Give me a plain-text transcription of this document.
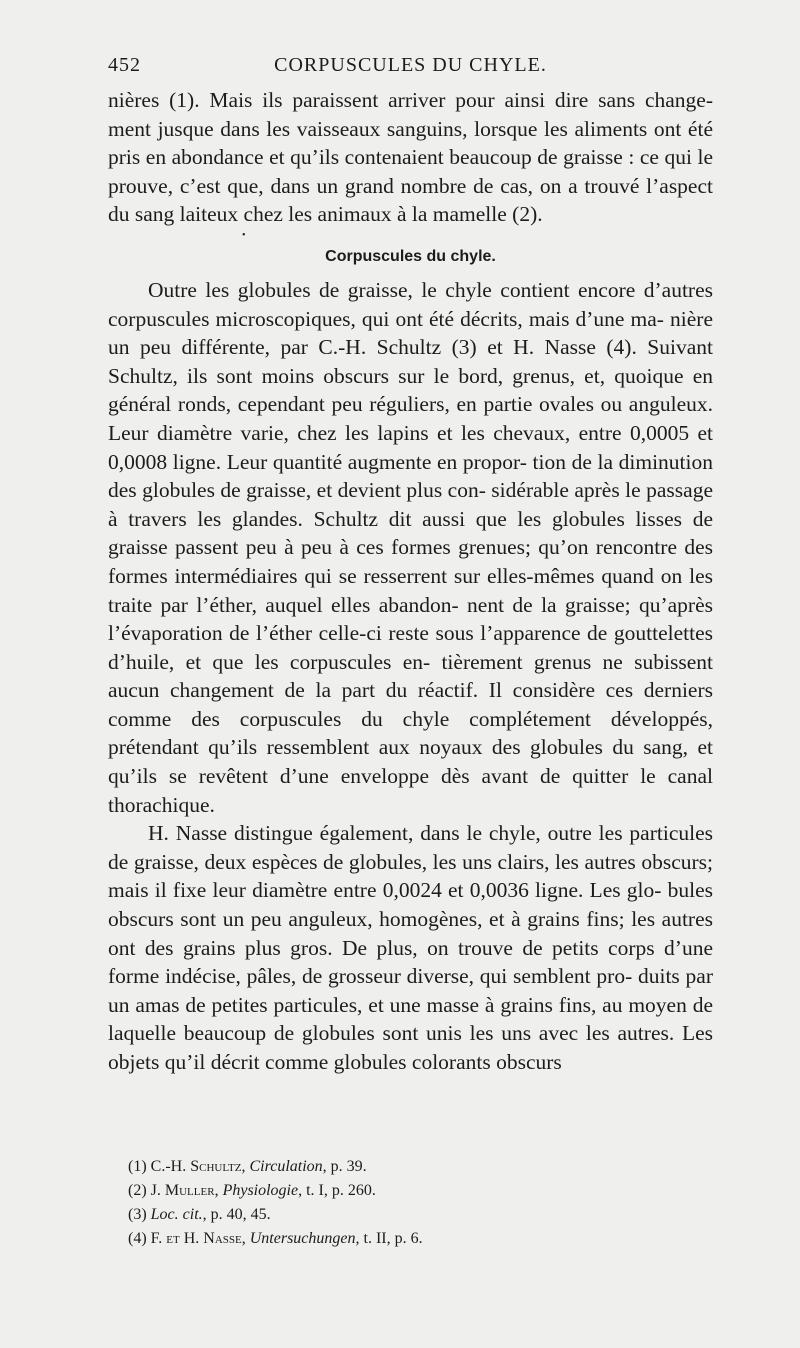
452	CORPUSCULES DU CHYLE.

nières (1). Mais ils paraissent arriver pour ainsi dire sans change- ment jusque dans les vaisseaux sanguins, lorsque les aliments ont été pris en abondance et qu’ils contenaient beaucoup de graisse : ce qui le prouve, c’est que, dans un grand nombre de cas, on a trouvé l’aspect du sang laiteux chez les animaux à la mamelle (2).

•
Corpuscules du chyle.

Outre les globules de graisse, le chyle contient encore d’autres corpuscules microscopiques, qui ont été décrits, mais d’une ma- nière un peu différente, par C.-H. Schultz (3) et H. Nasse (4). Suivant Schultz, ils sont moins obscurs sur le bord, grenus, et, quoique en général ronds, cependant peu réguliers, en partie ovales ou anguleux. Leur diamètre varie, chez les lapins et les chevaux, entre 0,0005 et 0,0008 ligne. Leur quantité augmente en propor- tion de la diminution des globules de graisse, et devient plus con- sidérable après le passage à travers les glandes. Schultz dit aussi que les globules lisses de graisse passent peu à peu à ces formes grenues; qu’on rencontre des formes intermédiaires qui se resserrent sur elles-mêmes quand on les traite par l’éther, auquel elles abandon- nent de la graisse; qu’après l’évaporation de l’éther celle-ci reste sous l’apparence de gouttelettes d’huile, et que les corpuscules en- tièrement grenus ne subissent aucun changement de la part du réactif. Il considère ces derniers comme des corpuscules du chyle complétement développés, prétendant qu’ils ressemblent aux noyaux des globules du sang, et qu’ils se revêtent d’une enveloppe dès avant de quitter le canal thorachique.

H. Nasse distingue également, dans le chyle, outre les particules de graisse, deux espèces de globules, les uns clairs, les autres obscurs; mais il fixe leur diamètre entre 0,0024 et 0,0036 ligne. Les glo- bules obscurs sont un peu anguleux, homogènes, et à grains fins; les autres ont des grains plus gros. De plus, on trouve de petits corps d’une forme indécise, pâles, de grosseur diverse, qui semblent pro- duits par un amas de petites particules, et une masse à grains fins, au moyen de laquelle beaucoup de globules sont unis les uns avec les autres. Les objets qu’il décrit comme globules colorants obscurs

(1) C.-H. Schultz, Circulation, p. 39.
(2) J. Muller, Physiologie, t. I, p. 260.
(3) Loc. cit., p. 40, 45.
(4) F. et H. Nasse, Untersuchungen, t. II, p. 6.
